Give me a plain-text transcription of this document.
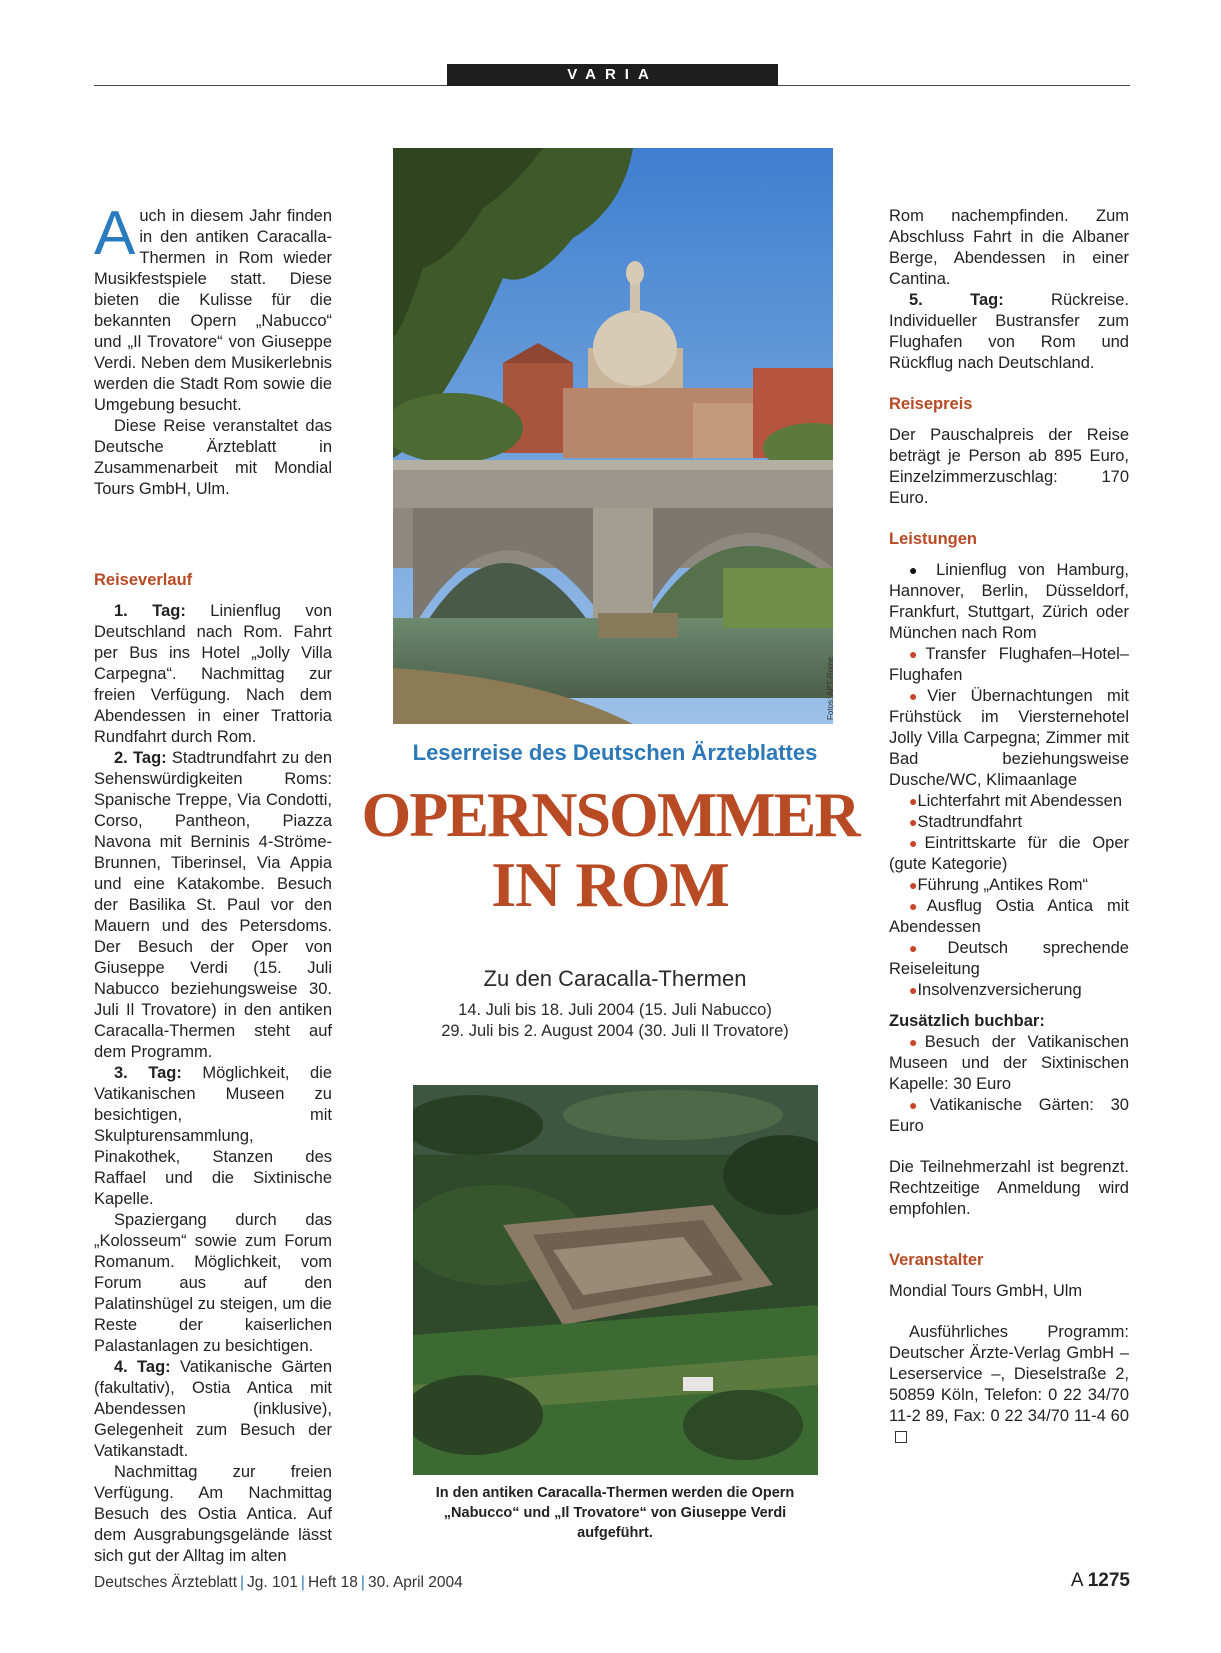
VARIA
A uch in diesem Jahr finden in den antiken Caracalla-Thermen in Rom wieder Musikfestspiele statt. Diese bieten die Kulisse für die bekannten Opern „Nabucco“ und „Il Trovatore“ von Giuseppe Verdi. Neben dem Musikerlebnis werden die Stadt Rom sowie die Umgebung besucht.

Diese Reise veranstaltet das Deutsche Ärzteblatt in Zusammenarbeit mit Mondial Tours GmbH, Ulm.

Reiseverlauf

1. Tag: Linienflug von Deutschland nach Rom. Fahrt per Bus ins Hotel „Jolly Villa Carpegna“. Nachmittag zur freien Verfügung. Nach dem Abendessen in einer Trattoria Rundfahrt durch Rom.

2. Tag: Stadtrundfahrt zu den Sehenswürdigkeiten Roms: Spanische Treppe, Via Condotti, Corso, Pantheon, Piazza Navona mit Berninis 4-Ströme-Brunnen, Tiberinsel, Via Appia und eine Katakombe. Besuch der Basilika St. Paul vor den Mauern und des Petersdoms. Der Besuch der Oper von Giuseppe Verdi (15. Juli Nabucco beziehungsweise 30. Juli Il Trovatore) in den antiken Caracalla-Thermen steht auf dem Programm.

3. Tag: Möglichkeit, die Vatikanischen Museen zu besichtigen, mit Skulpturensammlung, Pinakothek, Stanzen des Raffael und die Sixtinische Kapelle.

Spaziergang durch das „Kolosseum“ sowie zum Forum Romanum. Möglichkeit, vom Forum aus auf den Palatinshügel zu steigen, um die Reste der kaiserlichen Palastanlagen zu besichtigen.

4. Tag: Vatikanische Gärten (fakultativ), Ostia Antica mit Abendessen (inklusive), Gelegenheit zum Besuch der Vatikanstadt.

Nachmittag zur freien Verfügung. Am Nachmittag Besuch des Ostia Antica. Auf dem Ausgrabungsgelände lässt sich gut der Alltag im alten

Fotos: APT-Rome
Leserreise des Deutschen Ärzteblattes
OPERNSOMMER
IN ROM
Zu den Caracalla-Thermen
14. Juli bis 18. Juli 2004 (15. Juli Nabucco)
29. Juli bis 2. August 2004 (30. Juli Il Trovatore)
In den antiken Caracalla-Thermen werden die Opern „Nabucco“ und „Il Trovatore“ von Giuseppe Verdi aufgeführt.

Rom nachempfinden. Zum Abschluss Fahrt in die Albaner Berge, Abendessen in einer Cantina.

5. Tag: Rückreise. Individueller Bustransfer zum Flughafen von Rom und Rückflug nach Deutschland.

Reisepreis

Der Pauschalpreis der Reise beträgt je Person ab 895 Euro, Einzelzimmerzuschlag: 170 Euro.

Leistungen

● Linienflug von Hamburg, Hannover, Berlin, Düsseldorf, Frankfurt, Stuttgart, Zürich oder München nach Rom

●Transfer Flughafen–Hotel–Flughafen

●Vier Übernachtungen mit Frühstück im Viersternehotel Jolly Villa Carpegna; Zimmer mit Bad beziehungsweise Dusche/WC, Klimaanlage

●Lichterfahrt mit Abendessen

●Stadtrundfahrt

●Eintrittskarte für die Oper (gute Kategorie)

●Führung „Antikes Rom“

●Ausflug Ostia Antica mit Abendessen

●Deutsch sprechende Reiseleitung

●Insolvenzversicherung

Zusätzlich buchbar:

●Besuch der Vatikanischen Museen und der Sixtinischen Kapelle: 30 Euro

●Vatikanische Gärten: 30 Euro

Die Teilnehmerzahl ist begrenzt. Rechtzeitige Anmeldung wird empfohlen.

Veranstalter

Mondial Tours GmbH, Ulm

Ausführliches Programm: Deutscher Ärzte-Verlag GmbH – Leserservice –, Dieselstraße 2, 50859 Köln, Telefon: 0 22 34/70 11-2 89, Fax: 0 22 34/70 11-4 60

Deutsches Ärzteblatt | Jg. 101 | Heft 18 | 30. April 2004	A 1275
